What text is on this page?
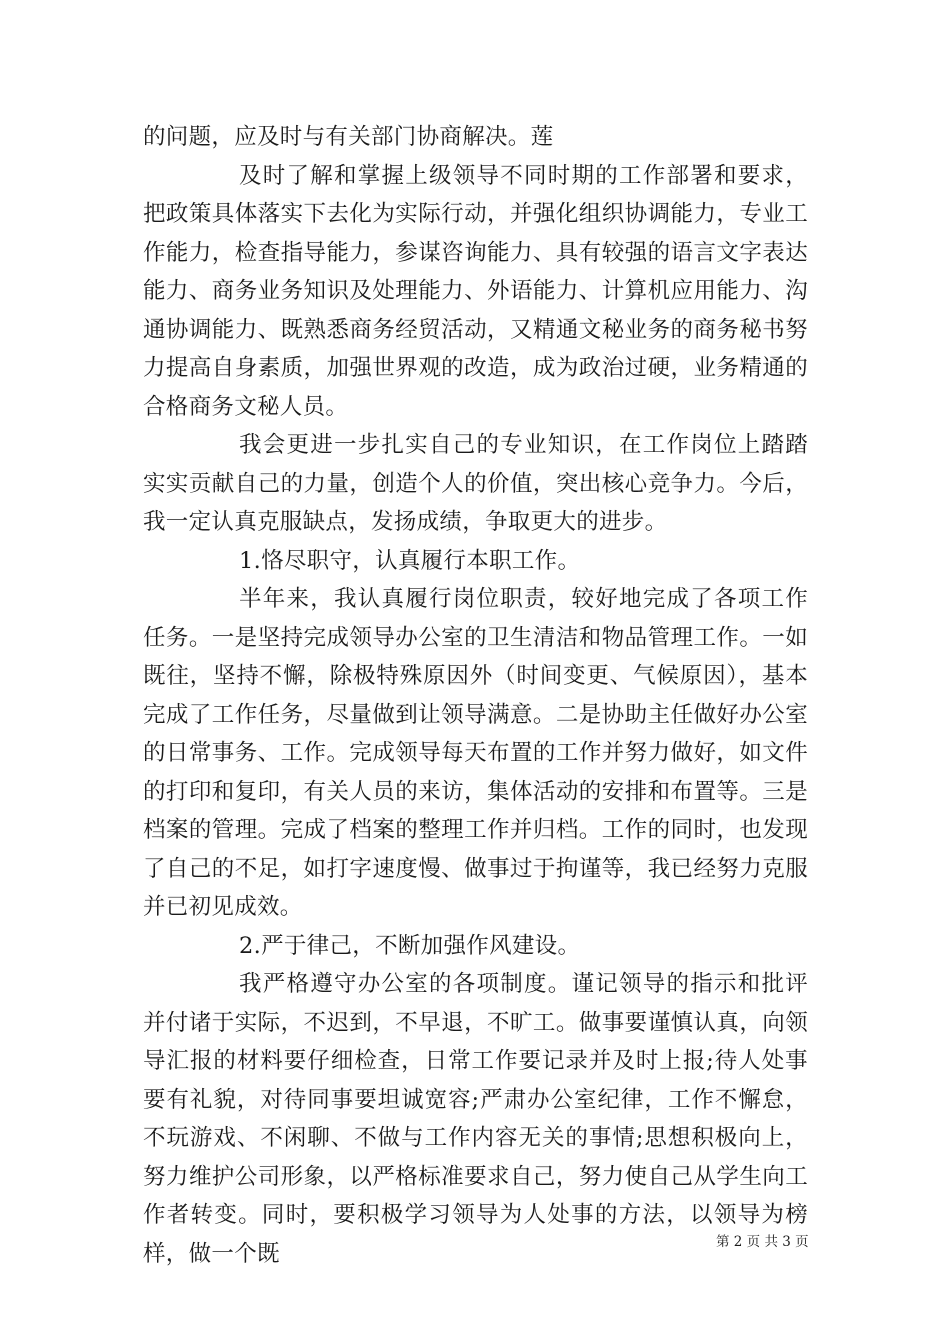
的问题，应及时与有关部门协商解决。莲

及时了解和掌握上级领导不同时期的工作部署和要求，把政策具体落实下去化为实际行动，并强化组织协调能力，专业工作能力，检查指导能力，参谋咨询能力、具有较强的语言文字表达能力、商务业务知识及处理能力、外语能力、计算机应用能力、沟通协调能力、既熟悉商务经贸活动，又精通文秘业务的商务秘书努力提高自身素质，加强世界观的改造，成为政治过硬，业务精通的合格商务文秘人员。

我会更进一步扎实自己的专业知识，在工作岗位上踏踏实实贡献自己的力量，创造个人的价值，突出核心竞争力。今后，我一定认真克服缺点，发扬成绩，争取更大的进步。

1.恪尽职守，认真履行本职工作。

半年来，我认真履行岗位职责，较好地完成了各项工作任务。一是坚持完成领导办公室的卫生清洁和物品管理工作。一如既往，坚持不懈，除极特殊原因外（时间变更、气候原因），基本完成了工作任务，尽量做到让领导满意。二是协助主任做好办公室的日常事务、工作。完成领导每天布置的工作并努力做好，如文件的打印和复印，有关人员的来访，集体活动的安排和布置等。三是档案的管理。完成了档案的整理工作并归档。工作的同时，也发现了自己的不足，如打字速度慢、做事过于拘谨等，我已经努力克服并已初见成效。

2.严于律己，不断加强作风建设。

我严格遵守办公室的各项制度。谨记领导的指示和批评并付诸于实际，不迟到，不早退，不旷工。做事要谨慎认真，向领导汇报的材料要仔细检查，日常工作要记录并及时上报;待人处事要有礼貌，对待同事要坦诚宽容;严肃办公室纪律，工作不懈怠，不玩游戏、不闲聊、不做与工作内容无关的事情;思想积极向上，努力维护公司形象，以严格标准要求自己，努力使自己从学生向工作者转变。同时，要积极学习领导为人处事的方法，以领导为榜样，做一个既	第 2 页 共 3 页
